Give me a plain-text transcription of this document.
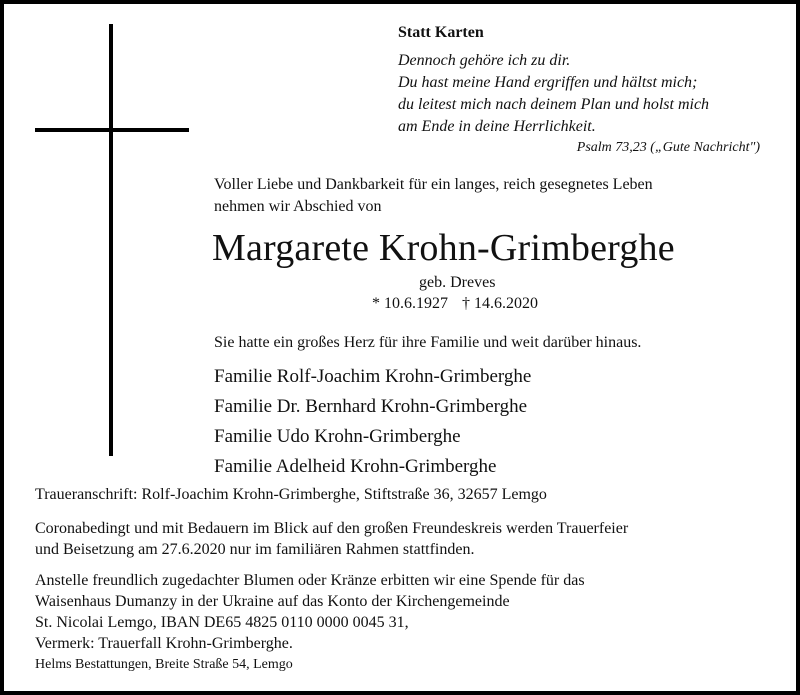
Statt Karten
Dennoch gehöre ich zu dir.
Du hast meine Hand ergriffen und hältst mich;
du leitest mich nach deinem Plan und holst mich
am Ende in deine Herrlichkeit.
Psalm 73,23 („Gute Nachricht")
Voller Liebe und Dankbarkeit für ein langes, reich gesegnetes Leben
nehmen wir Abschied von
Margarete Krohn-Grimberghe
geb. Dreves
* 10.6.1927 † 14.6.2020
Sie hatte ein großes Herz für ihre Familie und weit darüber hinaus.
Familie Rolf-Joachim Krohn-Grimberghe
Familie Dr. Bernhard Krohn-Grimberghe
Familie Udo Krohn-Grimberghe
Familie Adelheid Krohn-Grimberghe
Traueranschrift: Rolf-Joachim Krohn-Grimberghe, Stiftstraße 36, 32657 Lemgo
Coronabedingt und mit Bedauern im Blick auf den großen Freundeskreis werden Trauerfeier
und Beisetzung am 27.6.2020 nur im familiären Rahmen stattfinden.
Anstelle freundlich zugedachter Blumen oder Kränze erbitten wir eine Spende für das
Waisenhaus Dumanzy in der Ukraine auf das Konto der Kirchengemeinde
St. Nicolai Lemgo, IBAN DE65 4825 0110 0000 0045 31,
Vermerk: Trauerfall Krohn-Grimberghe.
Helms Bestattungen, Breite Straße 54, Lemgo
